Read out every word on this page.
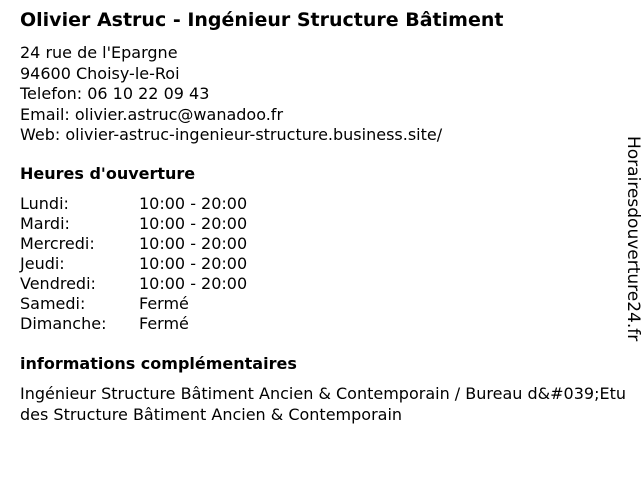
Olivier Astruc - Ingénieur Structure Bâtiment
24 rue de l'Epargne
94600 Choisy-le-Roi
Telefon: 06 10 22 09 43
Email: olivier.astruc@wanadoo.fr
Web: olivier-astruc-ingenieur-structure.business.site/
Heures d'ouverture
Lundi:	10:00 - 20:00
Mardi:	10:00 - 20:00
Mercredi:	10:00 - 20:00
Jeudi:	10:00 - 20:00
Vendredi:	10:00 - 20:00
Samedi:	Fermé
Dimanche: Fermé
informations complémentaires
Ingénieur Structure Bâtiment Ancien & Contemporain / Bureau d&#039;Etudes Structure Bâtiment Ancien & Contemporain
Horairesdouverture24.fr
